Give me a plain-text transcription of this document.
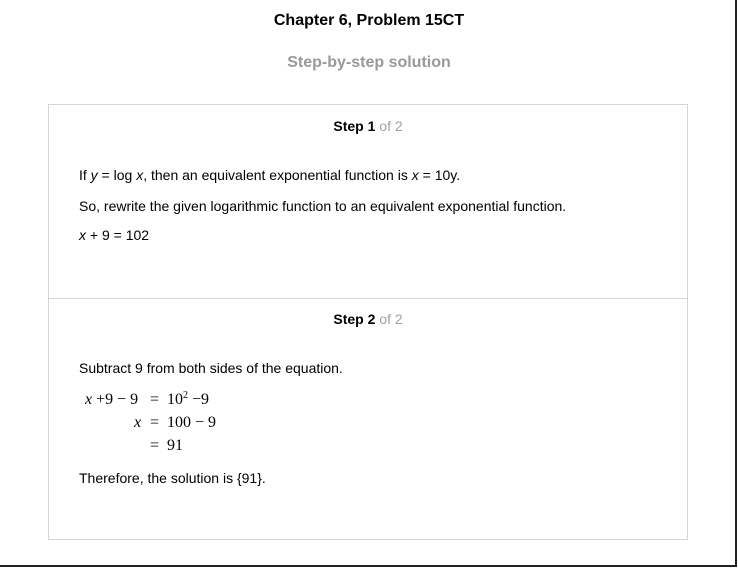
Chapter 6, Problem 15CT
Step-by-step solution
Step 1 of 2
If y = log x, then an equivalent exponential function is x = 10y.
So, rewrite the given logarithmic function to an equivalent exponential function.
x + 9 = 102
Step 2 of 2
Subtract 9 from both sides of the equation.
$x +9 - 9 = 10^2 -9$
x = 100 − 9
= 91
Therefore, the solution is {91}.
